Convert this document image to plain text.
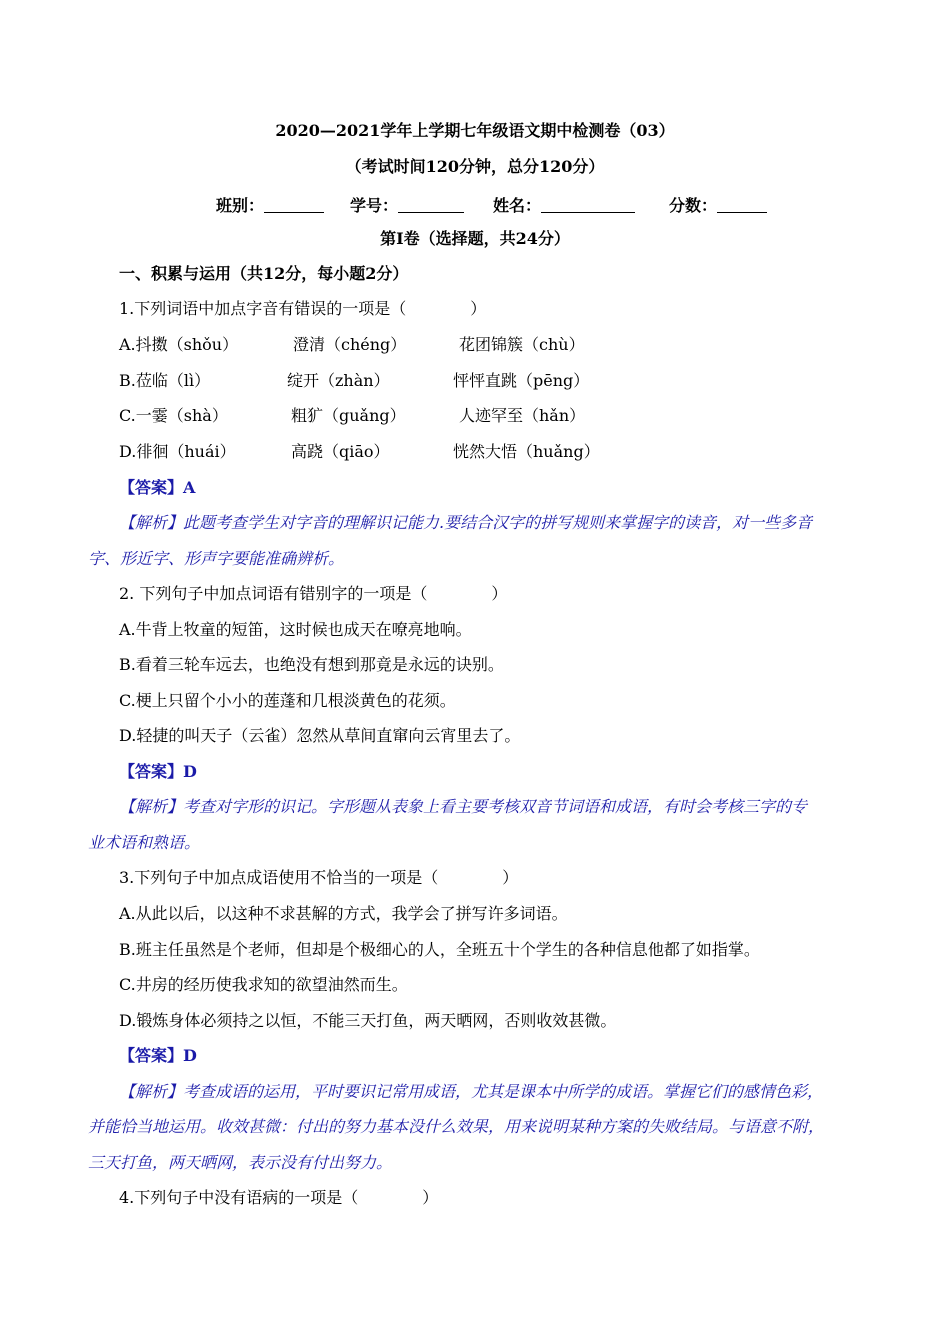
2020—2021学年上学期七年级语文期中检测卷（03）
（考试时间120分钟，总分120分）
班别：	学号：	姓名：	分数：
第Ⅰ卷（选择题，共24分）
一、积累与运用（共12分，每小题2分）
1.下列词语中加点字音有错误的一项是（　　　　）
A.抖擞（shǒu）	澄清（chéng）	花团锦簇（chù）
B.莅临（lì）	绽开（zhàn）	怦怦直跳（pēng）
C.一霎（shà）	粗犷（guǎng）	人迹罕至（hǎn）
D.徘徊（huái）	高跷（qiāo）	恍然大悟（huǎng）
【答案】A
【解析】此题考查学生对字音的理解识记能力.要结合汉字的拼写规则来掌握字的读音，对一些多音
字、形近字、形声字要能准确辨析。
2. 下列句子中加点词语有错别字的一项是（　　　　）
A.牛背上牧童的短笛，这时候也成天在嘹亮地响。
B.看着三轮车远去，也绝没有想到那竟是永远的诀别。
C.梗上只留个小小的莲蓬和几根淡黄色的花须。
D.轻捷的叫天子（云雀）忽然从草间直窜向云宵里去了。
【答案】D
【解析】考查对字形的识记。字形题从表象上看主要考核双音节词语和成语，有时会考核三字的专
业术语和熟语。
3.下列句子中加点成语使用不恰当的一项是（　　　　）
A.从此以后，以这种不求甚解的方式，我学会了拼写许多词语。
B.班主任虽然是个老师，但却是个极细心的人，全班五十个学生的各种信息他都了如指掌。
C.井房的经历使我求知的欲望油然而生。
D.锻炼身体必须持之以恒，不能三天打鱼，两天晒网，否则收效甚微。
【答案】D
【解析】考查成语的运用，平时要识记常用成语，尤其是课本中所学的成语。掌握它们的感情色彩，
并能恰当地运用。收效甚微：付出的努力基本没什么效果，用来说明某种方案的失败结局。与语意不附，
三天打鱼，两天晒网，表示没有付出努力。
4.下列句子中没有语病的一项是（　　　　）
